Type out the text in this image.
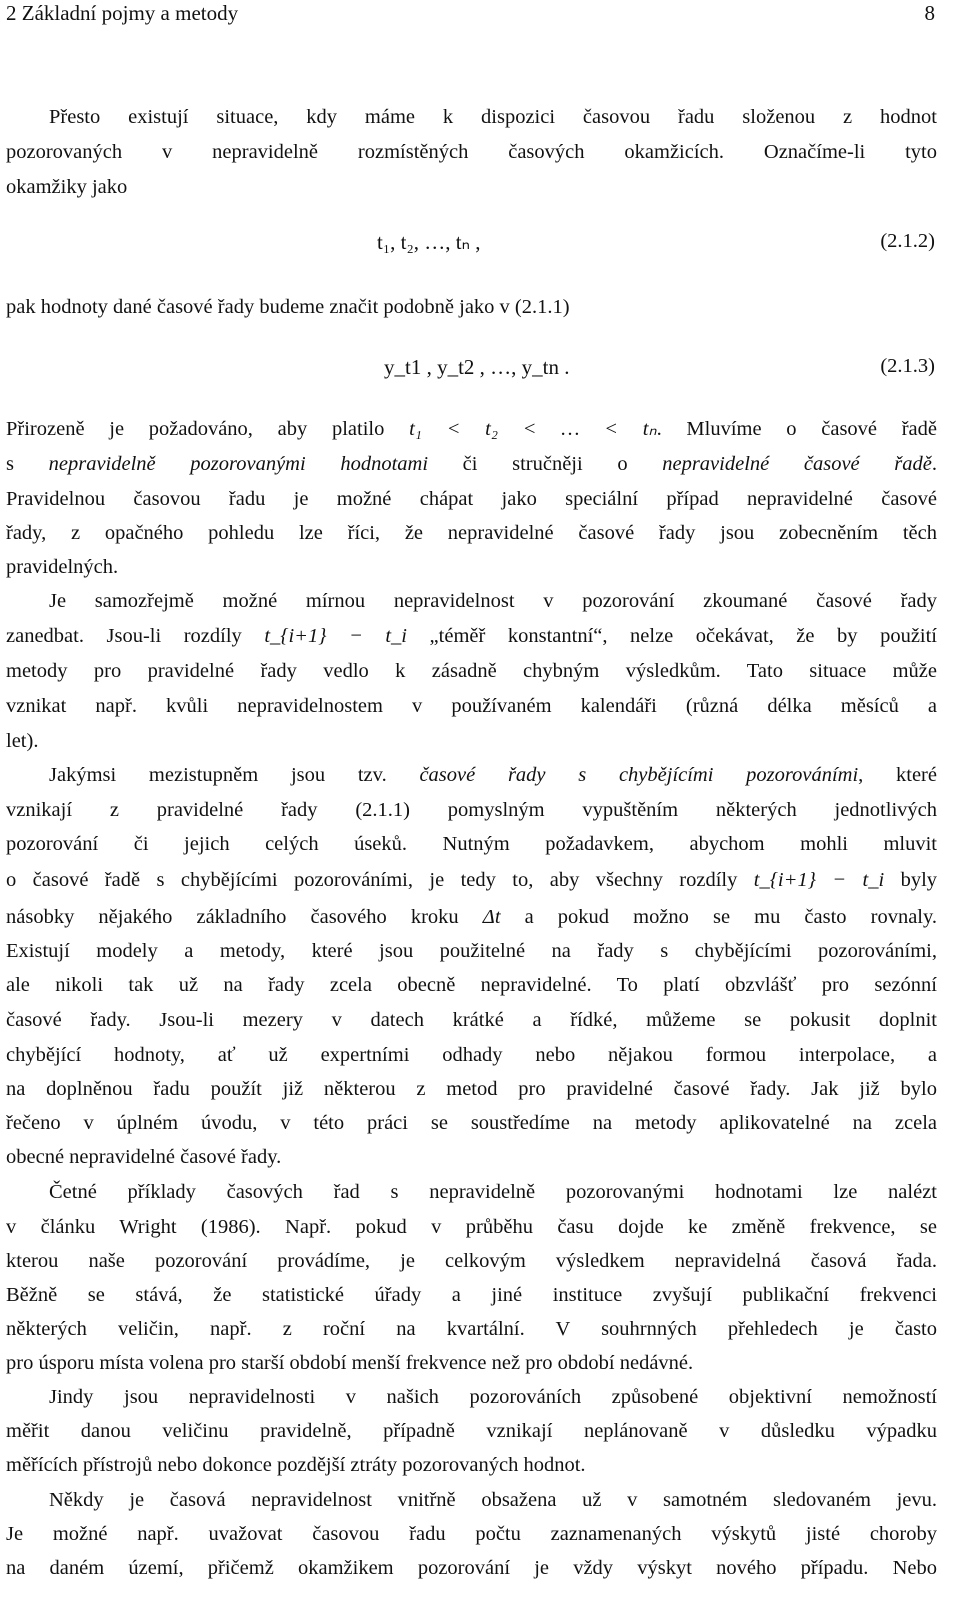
2 Základní pojmy a metody	8
Přesto existují situace, kdy máme k dispozici časovou řadu složenou z hodnot
pozorovaných v nepravidelně rozmístěných časových okamžicích. Označíme-li tyto
okamžiky jako
t₁, t₂, …, tₙ ,	(2.1.2)
pak hodnoty dané časové řady budeme značit podobně jako v (2.1.1)
y_t1 , y_t2 , …, y_tn .	(2.1.3)
Přirozeně je požadováno, aby platilo t₁ < t₂ < … < tₙ. Mluvíme o časové řadě
s nepravidelně pozorovanými hodnotami či stručněji o nepravidelné časové řadě.
Pravidelnou časovou řadu je možné chápat jako speciální případ nepravidelné časové
řady, z opačného pohledu lze říci, že nepravidelné časové řady jsou zobecněním těch
pravidelných.
Je samozřejmě možné mírnou nepravidelnost v pozorování zkoumané časové řady
zanedbat. Jsou-li rozdíly t_{i+1} − t_i „téměř konstantní“, nelze očekávat, že by použití
metody pro pravidelné řady vedlo k zásadně chybným výsledkům. Tato situace může
vznikat např. kvůli nepravidelnostem v používaném kalendáři (různá délka měsíců a
let).
Jakýmsi mezistupněm jsou tzv. časové řady s chybějícími pozorováními, které
vznikají z pravidelné řady (2.1.1) pomyslným vypuštěním některých jednotlivých
pozorování či jejich celých úseků. Nutným požadavkem, abychom mohli mluvit
o časové řadě s chybějícími pozorováními, je tedy to, aby všechny rozdíly t_{i+1} − t_i byly
násobky nějakého základního časového kroku Δt a pokud možno se mu často rovnaly.
Existují modely a metody, které jsou použitelné na řady s chybějícími pozorováními,
ale nikoli tak už na řady zcela obecně nepravidelné. To platí obzvlášť pro sezónní
časové řady. Jsou-li mezery v datech krátké a řídké, můžeme se pokusit doplnit
chybějící hodnoty, ať už expertními odhady nebo nějakou formou interpolace, a
na doplněnou řadu použít již některou z metod pro pravidelné časové řady. Jak již bylo
řečeno v úplném úvodu, v této práci se soustředíme na metody aplikovatelné na zcela
obecné nepravidelné časové řady.
Četné příklady časových řad s nepravidelně pozorovanými hodnotami lze nalézt
v článku Wright (1986). Např. pokud v průběhu času dojde ke změně frekvence, se
kterou naše pozorování provádíme, je celkovým výsledkem nepravidelná časová řada.
Běžně se stává, že statistické úřady a jiné instituce zvyšují publikační frekvenci
některých veličin, např. z roční na kvartální. V souhrnných přehledech je často
pro úsporu místa volena pro starší období menší frekvence než pro období nedávné.
Jindy jsou nepravidelnosti v našich pozorováních způsobené objektivní nemožností
měřit danou veličinu pravidelně, případně vznikají neplánovaně v důsledku výpadku
měřících přístrojů nebo dokonce pozdější ztráty pozorovaných hodnot.
Někdy je časová nepravidelnost vnitřně obsažena už v samotném sledovaném jevu.
Je možné např. uvažovat časovou řadu počtu zaznamenaných výskytů jisté choroby
na daném území, přičemž okamžikem pozorování je vždy výskyt nového případu. Nebo
